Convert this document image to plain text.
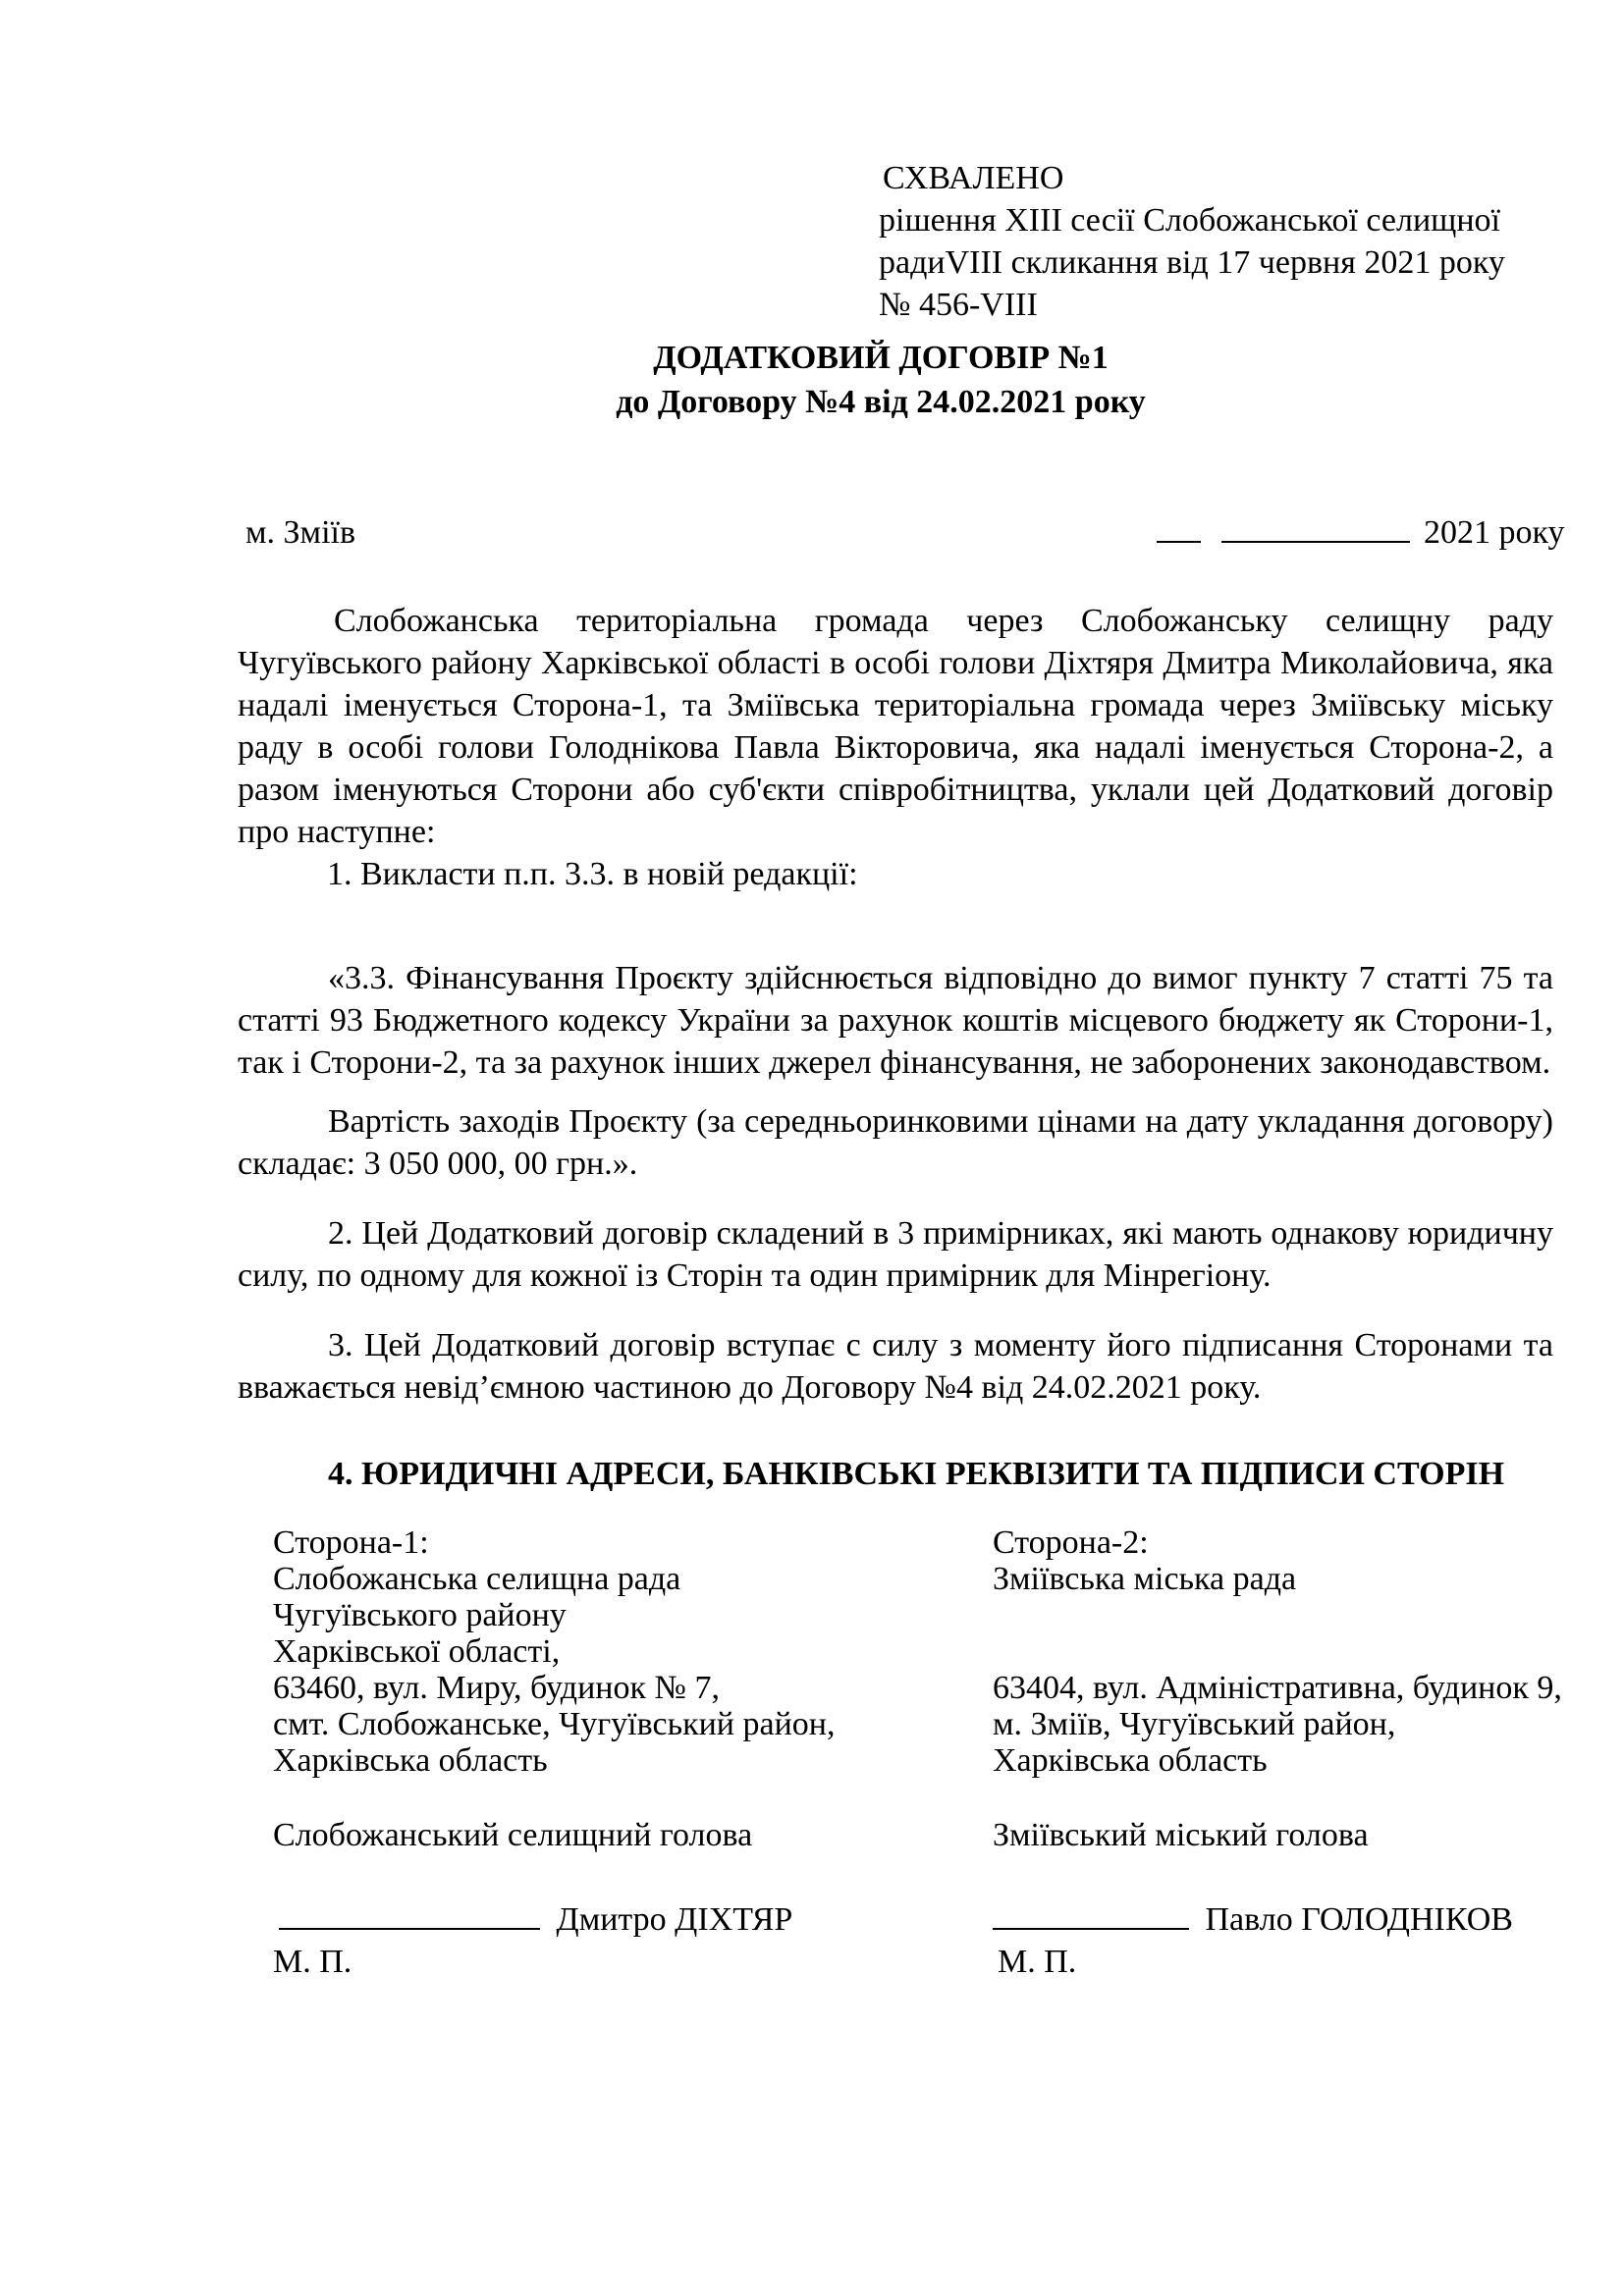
СХВАЛЕНО
рішення XIII сесії Слобожанської селищної
радиVIII скликання від 17 червня 2021 року
№ 456-VIII
ДОДАТКОВИЙ ДОГОВІР №1
до Договору №4 від 24.02.2021 року
м. Зміїв	2021 року
Слобожанська територіальна громада через Слобожанську селищну раду Чугуївського району Харківської області в особі голови Діхтяря Дмитра Миколайовича, яка надалі іменується Сторона-1, та Зміївська територіальна громада через Зміївську міську раду в особі голови Голоднікова Павла Вікторовича, яка надалі іменується Сторона-2, а разом іменуються Сторони або суб'єкти співробітництва, уклали цей Додатковий договір про наступне:
1. Викласти п.п. 3.3. в новій редакції:
«3.3. Фінансування Проєкту здійснюється відповідно до вимог пункту 7 статті 75 та статті 93 Бюджетного кодексу України за рахунок коштів місцевого бюджету як Сторони-1, так і Сторони-2, та за рахунок інших джерел фінансування, не заборонених законодавством.
Вартість заходів Проєкту (за середньоринковими цінами на дату укладання договору) складає: 3 050 000, 00 грн.».
2. Цей Додатковий договір складений в 3 примірниках, які мають однакову юридичну силу, по одному для кожної із Сторін та один примірник для Мінрегіону.
3. Цей Додатковий договір вступає с силу з моменту його підписання Сторонами та вважається невід’ємною частиною до Договору №4 від 24.02.2021 року.
4. ЮРИДИЧНІ АДРЕСИ, БАНКІВСЬКІ РЕКВІЗИТИ ТА ПІДПИСИ СТОРІН
Сторона-1:
Слобожанська селищна рада
Чугуївського району
Харківської області,
63460, вул. Миру, будинок № 7,
смт. Слобожанське, Чугуївський район,
Харківська область
Слобожанський селищний голова
Дмитро ДІХТЯР
М. П.
Сторона-2:
Зміївська міська рада
63404, вул. Адміністративна, будинок 9,
м. Зміїв, Чугуївський район,
Харківська область
Зміївський міський голова
Павло ГОЛОДНІКОВ
М. П.
